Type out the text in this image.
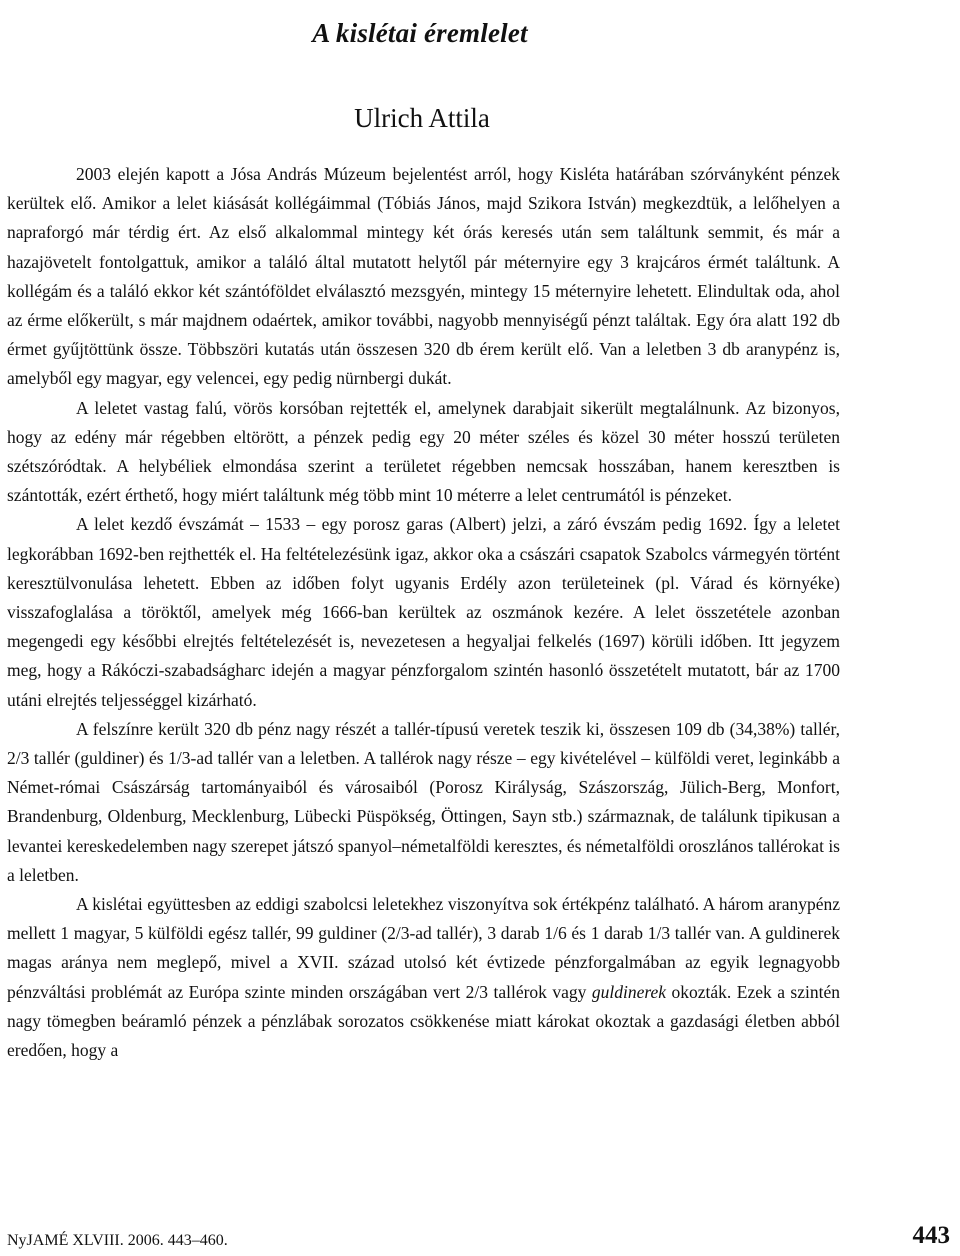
A kislétai éremlelet
Ulrich Attila

2003 elején kapott a Jósa András Múzeum bejelentést arról, hogy Kisléta határában szórványként pénzek kerültek elő. Amikor a lelet kiásását kollégáimmal (Tóbiás János, majd Szikora István) megkezdtük, a lelőhelyen a napraforgó már térdig ért. Az első alkalommal mintegy két órás keresés után sem találtunk semmit, és már a hazajövetelt fontolgattuk, amikor a találó által mutatott helytől pár méternyire egy 3 krajcáros érmét találtunk. A kollégám és a találó ekkor két szántóföldet elválasztó mezsgyén, mintegy 15 méternyire lehetett. Elindultak oda, ahol az érme előkerült, s már majdnem odaértek, amikor további, nagyobb mennyiségű pénzt találtak. Egy óra alatt 192 db érmet gyűjtöttünk össze. Többszöri kutatás után összesen 320 db érem került elő. Van a leletben 3 db aranypénz is, amelyből egy magyar, egy velencei, egy pedig nürnbergi dukát.

A leletet vastag falú, vörös korsóban rejtették el, amelynek darabjait sikerült megtalálnunk. Az bizonyos, hogy az edény már régebben eltörött, a pénzek pedig egy 20 méter széles és közel 30 méter hosszú területen szétszóródtak. A helybéliek elmondása szerint a területet régebben nemcsak hosszában, hanem keresztben is szántották, ezért érthető, hogy miért találtunk még több mint 10 méterre a lelet centrumától is pénzeket.

A lelet kezdő évszámát – 1533 – egy porosz garas (Albert) jelzi, a záró évszám pedig 1692. Így a leletet legkorábban 1692-ben rejthették el. Ha feltételezésünk igaz, akkor oka a császári csapatok Szabolcs vármegyén történt keresztülvonulása lehetett. Ebben az időben folyt ugyanis Erdély azon területeinek (pl. Várad és környéke) visszafoglalása a töröktől, amelyek még 1666-ban kerültek az oszmánok kezére. A lelet összetétele azonban megengedi egy későbbi elrejtés feltételezését is, nevezetesen a hegyaljai felkelés (1697) körüli időben. Itt jegyzem meg, hogy a Rákóczi-szabadságharc idején a magyar pénzforgalom szintén hasonló összetételt mutatott, bár az 1700 utáni elrejtés teljességgel kizárható.

A felszínre került 320 db pénz nagy részét a tallér-típusú veretek teszik ki, összesen 109 db (34,38%) tallér, 2/3 tallér (guldiner) és 1/3-ad tallér van a leletben. A tallérok nagy része – egy kivételével – külföldi veret, leginkább a Német-római Császárság tartományaiból és városaiból (Porosz Királyság, Szászország, Jülich-Berg, Monfort, Brandenburg, Oldenburg, Mecklenburg, Lübecki Püspökség, Öttingen, Sayn stb.) származnak, de találunk tipikusan a levantei kereskedelemben nagy szerepet játszó spanyol–németalföldi keresztes, és németalföldi oroszlános tallérokat is a leletben.

A kislétai együttesben az eddigi szabolcsi leletekhez viszonyítva sok értékpénz található. A három aranypénz mellett 1 magyar, 5 külföldi egész tallér, 99 guldiner (2/3-ad tallér), 3 darab 1/6 és 1 darab 1/3 tallér van. A guldinerek magas aránya nem meglepő, mivel a XVII. század utolsó két évtizede pénzforgalmában az egyik legnagyobb pénzváltási problémát az Európa szinte minden országában vert 2/3 tallérok vagy guldinerek okozták. Ezek a szintén nagy tömegben beáramló pénzek a pénzlábak sorozatos csökkenése miatt károkat okoztak a gazdasági életben abból eredően, hogy a

NyJAMÉ XLVIII. 2006. 443–460.	443
